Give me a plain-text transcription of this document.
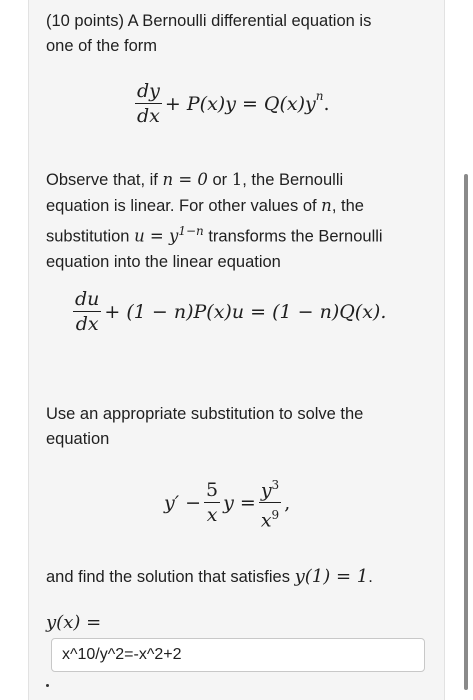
(10 points) A Bernoulli differential equation is
one of the form

$\frac{dy}{dx} + P(x)y = Q(x)y^n$ .

Observe that, if n = 0 or 1, the Bernoulli
equation is linear. For other values of n, the
substitution $u = y^{1-n}$ transforms the Bernoulli
equation into the linear equation

$\frac{du}{dx} + (1 - n)P(x)u = (1 - n)Q(x)$.

Use an appropriate substitution to solve the
equation

$y' - \frac{5}{x}$ $y = \frac{y^3}{x^9}$ ,

and find the solution that satisfies y(1) = 1.

y(x) =
x^10/y^2=-x^2+2
